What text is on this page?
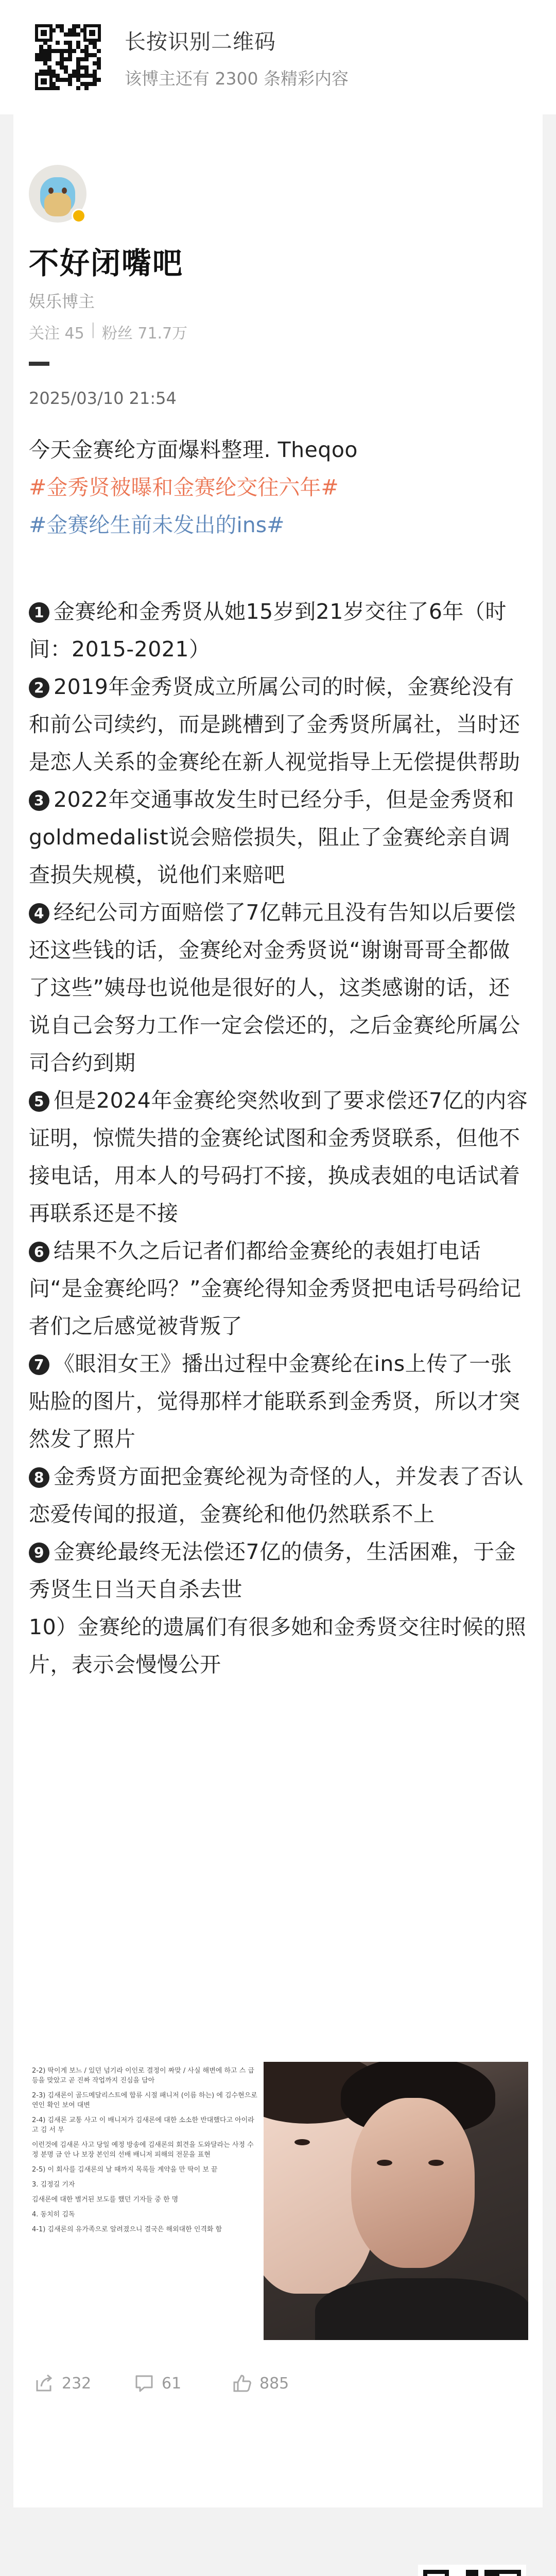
长按识别二维码
该博主还有 2300 条精彩内容
不好闭嘴吧
娱乐博主
关注 45 | 粉丝 71.7万
2025/03/10 21:54

今天金赛纶方面爆料整理. Theqoo

#金秀贤被曝和金赛纶交往六年#

#金赛纶生前未发出的ins#

1 金赛纶和金秀贤从她15岁到21岁交往了6年（时间：2015-2021）

2 2019年金秀贤成立所属公司的时候，金赛纶没有和前公司续约，而是跳槽到了金秀贤所属社，当时还是恋人关系的金赛纶在新人视觉指导上无偿提供帮助

3 2022年交通事故发生时已经分手，但是金秀贤和goldmedalist说会赔偿损失，阻止了金赛纶亲自调查损失规模，说他们来赔吧

4 经纪公司方面赔偿了7亿韩元且没有告知以后要偿还这些钱的话，金赛纶对金秀贤说“谢谢哥哥全都做了这些”姨母也说他是很好的人，这类感谢的话，还说自己会努力工作一定会偿还的，之后金赛纶所属公司合约到期

5 但是2024年金赛纶突然收到了要求偿还7亿的内容证明，惊慌失措的金赛纶试图和金秀贤联系，但他不接电话，用本人的号码打不接，换成表姐的电话试着再联系还是不接

6 结果不久之后记者们都给金赛纶的表姐打电话问“是金赛纶吗？”金赛纶得知金秀贤把电话号码给记者们之后感觉被背叛了

7 《眼泪女王》播出过程中金赛纶在ins上传了一张贴脸的图片，觉得那样才能联系到金秀贤，所以才突然发了照片

8 金秀贤方面把金赛纶视为奇怪的人，并发表了否认恋爱传闻的报道，金赛纶和他仍然联系不上

9 金赛纶最终无法偿还7亿的债务，生活困难，于金秀贤生日当天自杀去世

10）金赛纶的遗属们有很多她和金秀贤交往时候的照片，表示会慢慢公开

2-2) 딱이게 보느 / 있던 넘기라 이인로 결정이 짜맞 / 사실 해변에 하고 스 급 등을 맞았고 곧 진짜 작업까지 진심을 담아

2-3) 김새론이 골드메달리스트에 합류 시절 패니저 (이름 하는) 에 김수현으로 연인 확인 보여 대변

2-4) 김새론 교통 사고 이 배니저가 김새론에 대한 소소한 반대했다고 아이라고 김 서 무

이런것에 김새론 사고 당일 예정 방송에 김새론의 회견을 도와달라는 사정 수정 분명 금 안 나 보장 본인의 선배 배니저 피해의 전문을 표현

2-5) 이 회사를 김새론의 날 때까지 목록들 계약을 만 딱이 보 끝

3. 김정길 기자

김새론에 대한 별거된 보도를 했던 기자들 중 한 명

4. 동치히 김독

4-1) 김새론의 유가족으로 알려졌으니 결국은 해외대한 인격화 함

232	61	885
